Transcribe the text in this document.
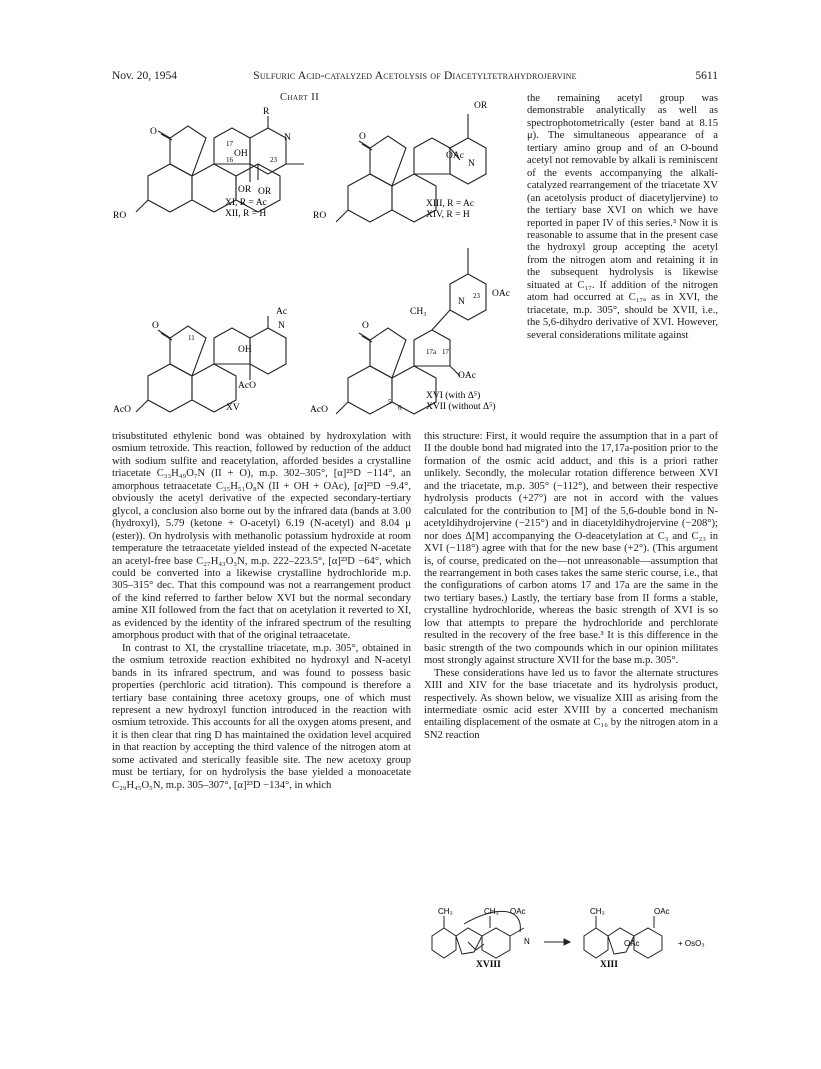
Nov. 20, 1954	Sulfuric Acid-catalyzed Acetolysis of Diacetyltetrahydrojervine	5611
Chart II
O
R
N
17
OH
16	23
OR OR
RO
XI, R = Ac
XII, R = H
OR
O
OAc
N
RO
XIII, R = Ac
XIV, R = H
O
Ac
N
11
OH
AcO
AcO	XV
CH₃
N
23 OAc
O
17a 17
OAc
5
6
AcO
XVI (with Δ⁵)
XVII (without Δ⁵)

the remaining acetyl group was demonstrable analytically as well as spectrophotometrically (ester band at 8.15 μ). The simultaneous appearance of a tertiary amino group and of an O-bound acetyl not removable by alkali is reminiscent of the events accompanying the alkali-catalyzed rearrangement of the triacetate XV (an acetolysis product of diacetyljervine) to the tertiary base XVI on which we have reported in paper IV of this series.³ Now it is reasonable to assume that in the present case the hydroxyl group accepting the acetyl from the nitrogen atom and retaining it in the subsequent hydrolysis is likewise situated at C₁₇. If addition of the nitrogen atom had occurred at C₁₇ₐ as in XVI, the triacetate, m.p. 305°, should be XVII, i.e., the 5,6-dihydro derivative of XVI. However, several considerations militate against

trisubstituted ethylenic bond was obtained by hydroxylation with osmium tetroxide. This reaction, followed by reduction of the adduct with sodium sulfite and reacetylation, afforded besides a crystalline triacetate C₃₃H₄₉O₇N (II + O), m.p. 302–305°, [α]²⁵D −114°, an amorphous tetraacetate C₃₅H₅₁O₈N (II + OH + OAc), [α]²³D −9.4°, obviously the acetyl derivative of the expected secondary-tertiary glycol, a conclusion also borne out by the infrared data (bands at 3.00 (hydroxyl), 5.79 (ketone + O-acetyl) 6.19 (N-acetyl) and 8.04 μ (ester)). On hydrolysis with methanolic potassium hydroxide at room temperature the tetraacetate yielded instead of the expected N-acetate an acetyl-free base C₂₇H₄₃O₃N, m.p. 222–223.5°, [α]²³D −64°, which could be converted into a likewise crystalline hydrochloride m.p. 305–315° dec. That this compound was not a rearrangement product of the kind referred to farther below XVI but the normal secondary amine XII followed from the fact that on acetylation it reverted to XI, as evidenced by the identity of the infrared spectrum of the resulting amorphous product with that of the original tetraacetate.

In contrast to XI, the crystalline triacetate, m.p. 305°, obtained in the osmium tetroxide reaction exhibited no hydroxyl and N-acetyl bands in its infrared spectrum, and was found to possess basic properties (perchloric acid titration). This compound is therefore a tertiary base containing three acetoxy groups, one of which must represent a new hydroxyl function introduced in the reaction with osmium tetroxide. This accounts for all the oxygen atoms present, and it is then clear that ring D has maintained the oxidation level acquired in that reaction by accepting the third valence of the nitrogen atom at some activated and sterically feasible site. The new acetoxy group must be tertiary, for on hydrolysis the base yielded a monoacetate C₂₉H₄₅O₅N, m.p. 305–307°, [α]²³D −134°, in which

this structure: First, it would require the assumption that in a part of II the double bond had migrated into the 17,17a-position prior to the formation of the osmic acid adduct, and this is a priori rather unlikely. Secondly, the molecular rotation difference between XVI and the triacetate, m.p. 305° (−112°), and between their respective hydrolysis products (+27°) are not in accord with the values calculated for the contribution to [M] of the 5,6-double bond in N-acetyldihydrojervine (−215°) and in diacetyldihydrojervine (−208°); nor does Δ[M] accompanying the O-deacetylation at C₃ and C₂₃ in XVI (−118°) agree with that for the new base (+2°). (This argument is, of course, predicated on the—not unreasonable—assumption that the rearrangement in both cases takes the same steric course, i.e., that the configurations of carbon atoms 17 and 17a are the same in the two tertiary bases.) Lastly, the tertiary base from II forms a stable, crystalline hydrochloride, whereas the basic strength of XVI is so low that attempts to prepare the hydrochloride and perchlorate resulted in the recovery of the free base.³ It is this difference in the basic strength of the two compounds which in our opinion militates most strongly against structure XVII for the base m.p. 305°.

These considerations have led us to favor the alternate structures XIII and XIV for the base triacetate and its hydrolysis product, respectively. As shown below, we visualize XIII as arising from the intermediate osmic acid ester XVIII by a concerted mechanism entailing displacement of the osmate at C₁₆ by the nitrogen atom in a SN2 reaction

CH₃	CH₃ OAc	CH₃	OAc
OAc
N	+ OsO₃
XVIII	XIII
